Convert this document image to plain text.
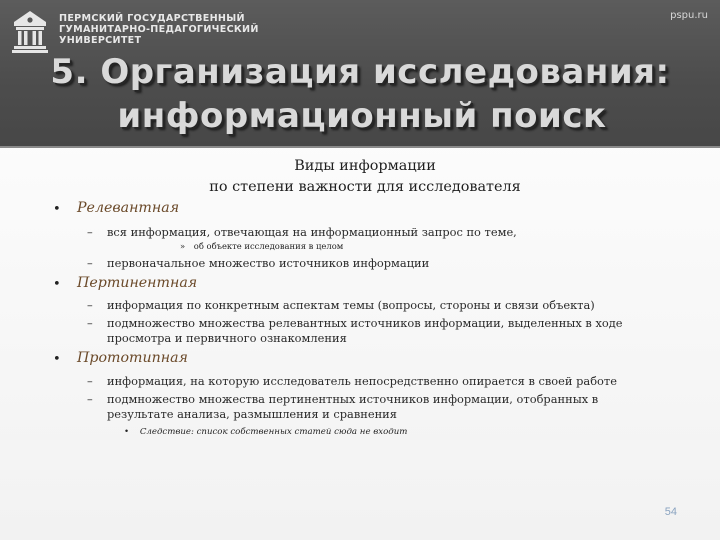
ПЕРМСКИЙ ГОСУДАРСТВЕННЫЙ
ГУМАНИТАРНО-ПЕДАГОГИЧЕСКИЙ
УНИВЕРСИТЕТ
pspu.ru
5. Организация исследования:
информационный поиск
Виды информации
по степени важности для исследователя
• Релевантная
– вся информация, отвечающая на информационный запрос по теме,
» об объекте исследования в целом
– первоначальное множество источников информации
• Пертинентная
– информация по конкретным аспектам темы (вопросы, стороны и связи объекта)
– подмножество множества релевантных источников информации, выделенных в ходе
просмотра и первичного ознакомления
• Прототипная
– информация, на которую исследователь непосредственно опирается в своей работе
– подмножество множества пертинентных источников информации, отобранных в
результате анализа, размышления и сравнения
• Следствие: список собственных статей сюда не входит
54
